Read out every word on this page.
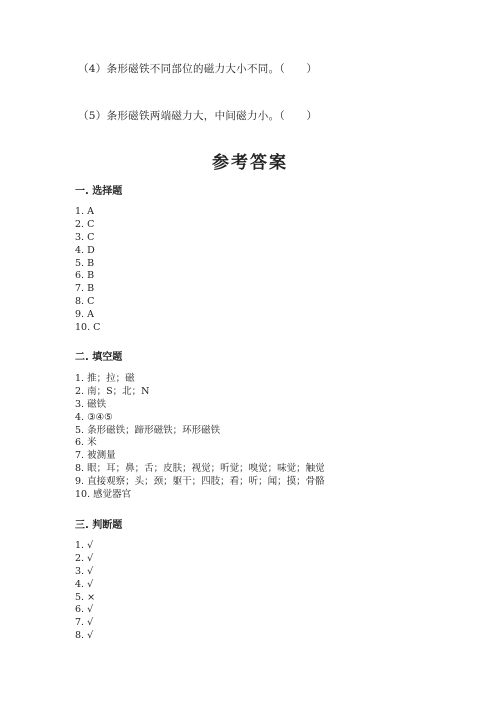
（4）条形磁铁不同部位的磁力大小不同。（　　）
（5）条形磁铁两端磁力大，中间磁力小。（　　）
参考答案
一. 选择题
1. A
2. C
3. C
4. D
5. B
6. B
7. B
8. C
9. A
10. C
二. 填空题
1. 推；拉；磁
2. 南；S；北；N
3. 磁铁
4. ③④⑤
5. 条形磁铁；蹄形磁铁；环形磁铁
6. 米
7. 被测量
8. 眼；耳；鼻；舌；皮肤；视觉；听觉；嗅觉；味觉；触觉
9. 直接观察；头；颈；躯干；四肢；看；听；闻；摸；骨骼
10. 感觉器官
三. 判断题
1. √
2. √
3. √
4. √
5. ×
6. √
7. √
8. √
